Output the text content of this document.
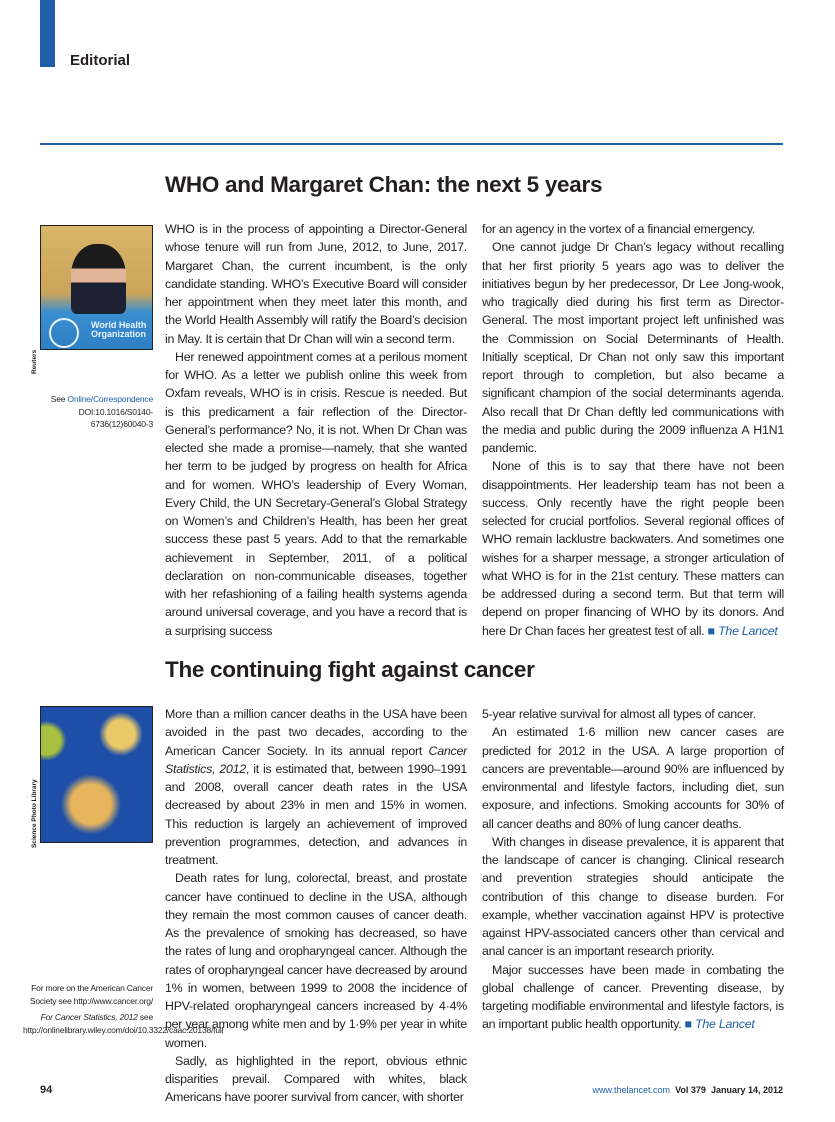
Editorial
WHO and Margaret Chan: the next 5 years
World Health Organization
Reuters
See Online/Correspondence
DOI:10.1016/S0140-6736(12)60040-3

WHO is in the process of appointing a Director-General whose tenure will run from June, 2012, to June, 2017. Margaret Chan, the current incumbent, is the only candidate standing. WHO’s Executive Board will consider her appointment when they meet later this month, and the World Health Assembly will ratify the Board’s decision in May. It is certain that Dr Chan will win a second term.

Her renewed appointment comes at a perilous moment for WHO. As a letter we publish online this week from Oxfam reveals, WHO is in crisis. Rescue is needed. But is this predicament a fair reflection of the Director-General’s performance? No, it is not. When Dr Chan was elected she made a promise—namely, that she wanted her term to be judged by progress on health for Africa and for women. WHO’s leadership of Every Woman, Every Child, the UN Secretary-General’s Global Strategy on Women’s and Children’s Health, has been her great success these past 5 years. Add to that the remarkable achievement in September, 2011, of a political declaration on non-communicable diseases, together with her refashioning of a failing health systems agenda around universal coverage, and you have a record that is a surprising success

for an agency in the vortex of a financial emergency.

One cannot judge Dr Chan’s legacy without recalling that her first priority 5 years ago was to deliver the initiatives begun by her predecessor, Dr Lee Jong-wook, who tragically died during his first term as Director-General. The most important project left unfinished was the Commission on Social Determinants of Health. Initially sceptical, Dr Chan not only saw this important report through to completion, but also became a significant champion of the social determinants agenda. Also recall that Dr Chan deftly led communications with the media and public during the 2009 influenza A H1N1 pandemic.

None of this is to say that there have not been disappointments. Her leadership team has not been a success. Only recently have the right people been selected for crucial portfolios. Several regional offices of WHO remain lacklustre backwaters. And sometimes one wishes for a sharper message, a stronger articulation of what WHO is for in the 21st century. These matters can be addressed during a second term. But that term will depend on proper financing of WHO by its donors. And here Dr Chan faces her greatest test of all. ■ The Lancet

The continuing fight against cancer
Science Photo Library
For more on the American Cancer Society see http://www.cancer.org/
For Cancer Statistics, 2012 see http://onlinelibrary.wiley.com/doi/10.3322/caac.20138/full

More than a million cancer deaths in the USA have been avoided in the past two decades, according to the American Cancer Society. In its annual report Cancer Statistics, 2012, it is estimated that, between 1990–1991 and 2008, overall cancer death rates in the USA decreased by about 23% in men and 15% in women. This reduction is largely an achievement of improved prevention programmes, detection, and advances in treatment.

Death rates for lung, colorectal, breast, and prostate cancer have continued to decline in the USA, although they remain the most common causes of cancer death. As the prevalence of smoking has decreased, so have the rates of lung and oropharyngeal cancer. Although the rates of oropharyngeal cancer have decreased by around 1% in women, between 1999 to 2008 the incidence of HPV-related oropharyngeal cancers increased by 4·4% per year among white men and by 1·9% per year in white women.

Sadly, as highlighted in the report, obvious ethnic disparities prevail. Compared with whites, black Americans have poorer survival from cancer, with shorter

5-year relative survival for almost all types of cancer.

An estimated 1·6 million new cancer cases are predicted for 2012 in the USA. A large proportion of cancers are preventable—around 90% are influenced by environmental and lifestyle factors, including diet, sun exposure, and infections. Smoking accounts for 30% of all cancer deaths and 80% of lung cancer deaths.

With changes in disease prevalence, it is apparent that the landscape of cancer is changing. Clinical research and prevention strategies should anticipate the contribution of this change to disease burden. For example, whether vaccination against HPV is protective against HPV-associated cancers other than cervical and anal cancer is an important research priority.

Major successes have been made in combating the global challenge of cancer. Preventing disease, by targeting modifiable environmental and lifestyle factors, is an important public health opportunity. ■ The Lancet

94	www.thelancet.com Vol 379 January 14, 2012
